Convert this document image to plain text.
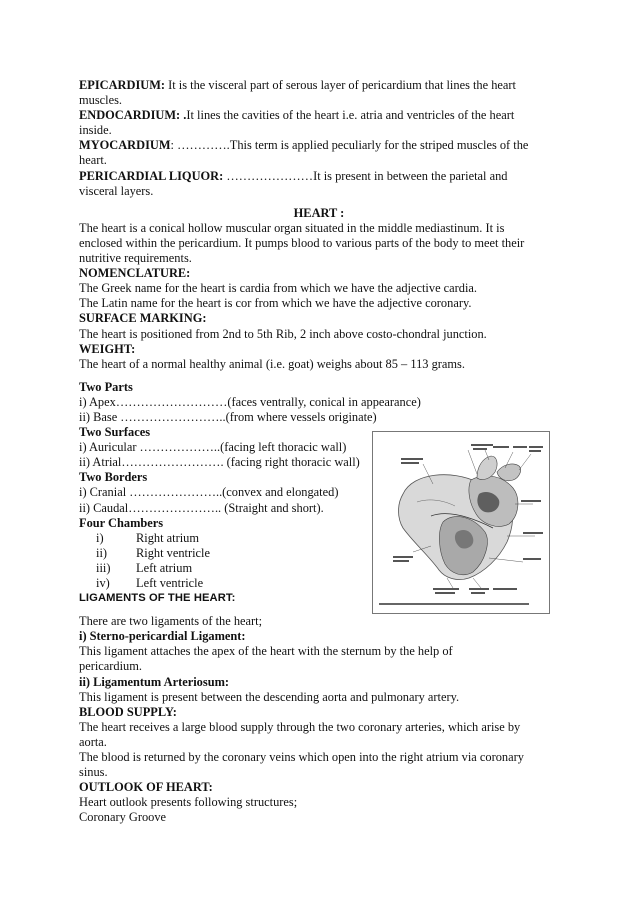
EPICARDIUM: It is the visceral part of serous layer of pericardium that lines the heart
muscles.
ENDOCARDIUM: .It lines the cavities of the heart i.e. atria and ventricles of the heart
inside.
MYOCARDIUM: ………….This term is applied peculiarly for the striped muscles of the
heart.
PERICARDIAL LIQUOR: …………………It is present in between the parietal and
visceral layers.
HEART :
The heart is a conical hollow muscular organ situated in the middle mediastinum. It is
enclosed within the pericardium. It pumps blood to various parts of the body to meet their
nutritive requirements.
NOMENCLATURE:
The Greek name for the heart is cardia from which we have the adjective cardia.
The Latin name for the heart is cor from which we have the adjective coronary.
SURFACE MARKING:
The heart is positioned from 2nd to 5th Rib, 2 inch above costo-chondral junction.
WEIGHT:
The heart of a normal healthy animal (i.e. goat) weighs about 85 – 113 grams.
Two Parts
i) Apex………………………(faces ventrally, conical in appearance)
ii) Base ……………………..(from where vessels originate)
Two Surfaces
i) Auricular ………………..(facing left thoracic wall)
ii) Atrial……………………. (facing right thoracic wall)
Two Borders
i) Cranial …………………..(convex and elongated)
ii) Caudal………………….. (Straight and short).
Four Chambers
i)	Right atrium
ii)	Right ventricle
iii)	Left atrium
iv)	Left ventricle
LIGAMENTS OF THE HEART:
There are two ligaments of the heart;
i) Sterno-pericardial Ligament:
This ligament attaches the apex of the heart with the sternum by the help of
pericardium.
ii) Ligamentum Arteriosum:
This ligament is present between the descending aorta and pulmonary artery.
BLOOD SUPPLY:
The heart receives a large blood supply through the two coronary arteries, which arise by
aorta.
The blood is returned by the coronary veins which open into the right atrium via coronary
sinus.
OUTLOOK OF HEART:
Heart outlook presents following structures;
Coronary Groove
